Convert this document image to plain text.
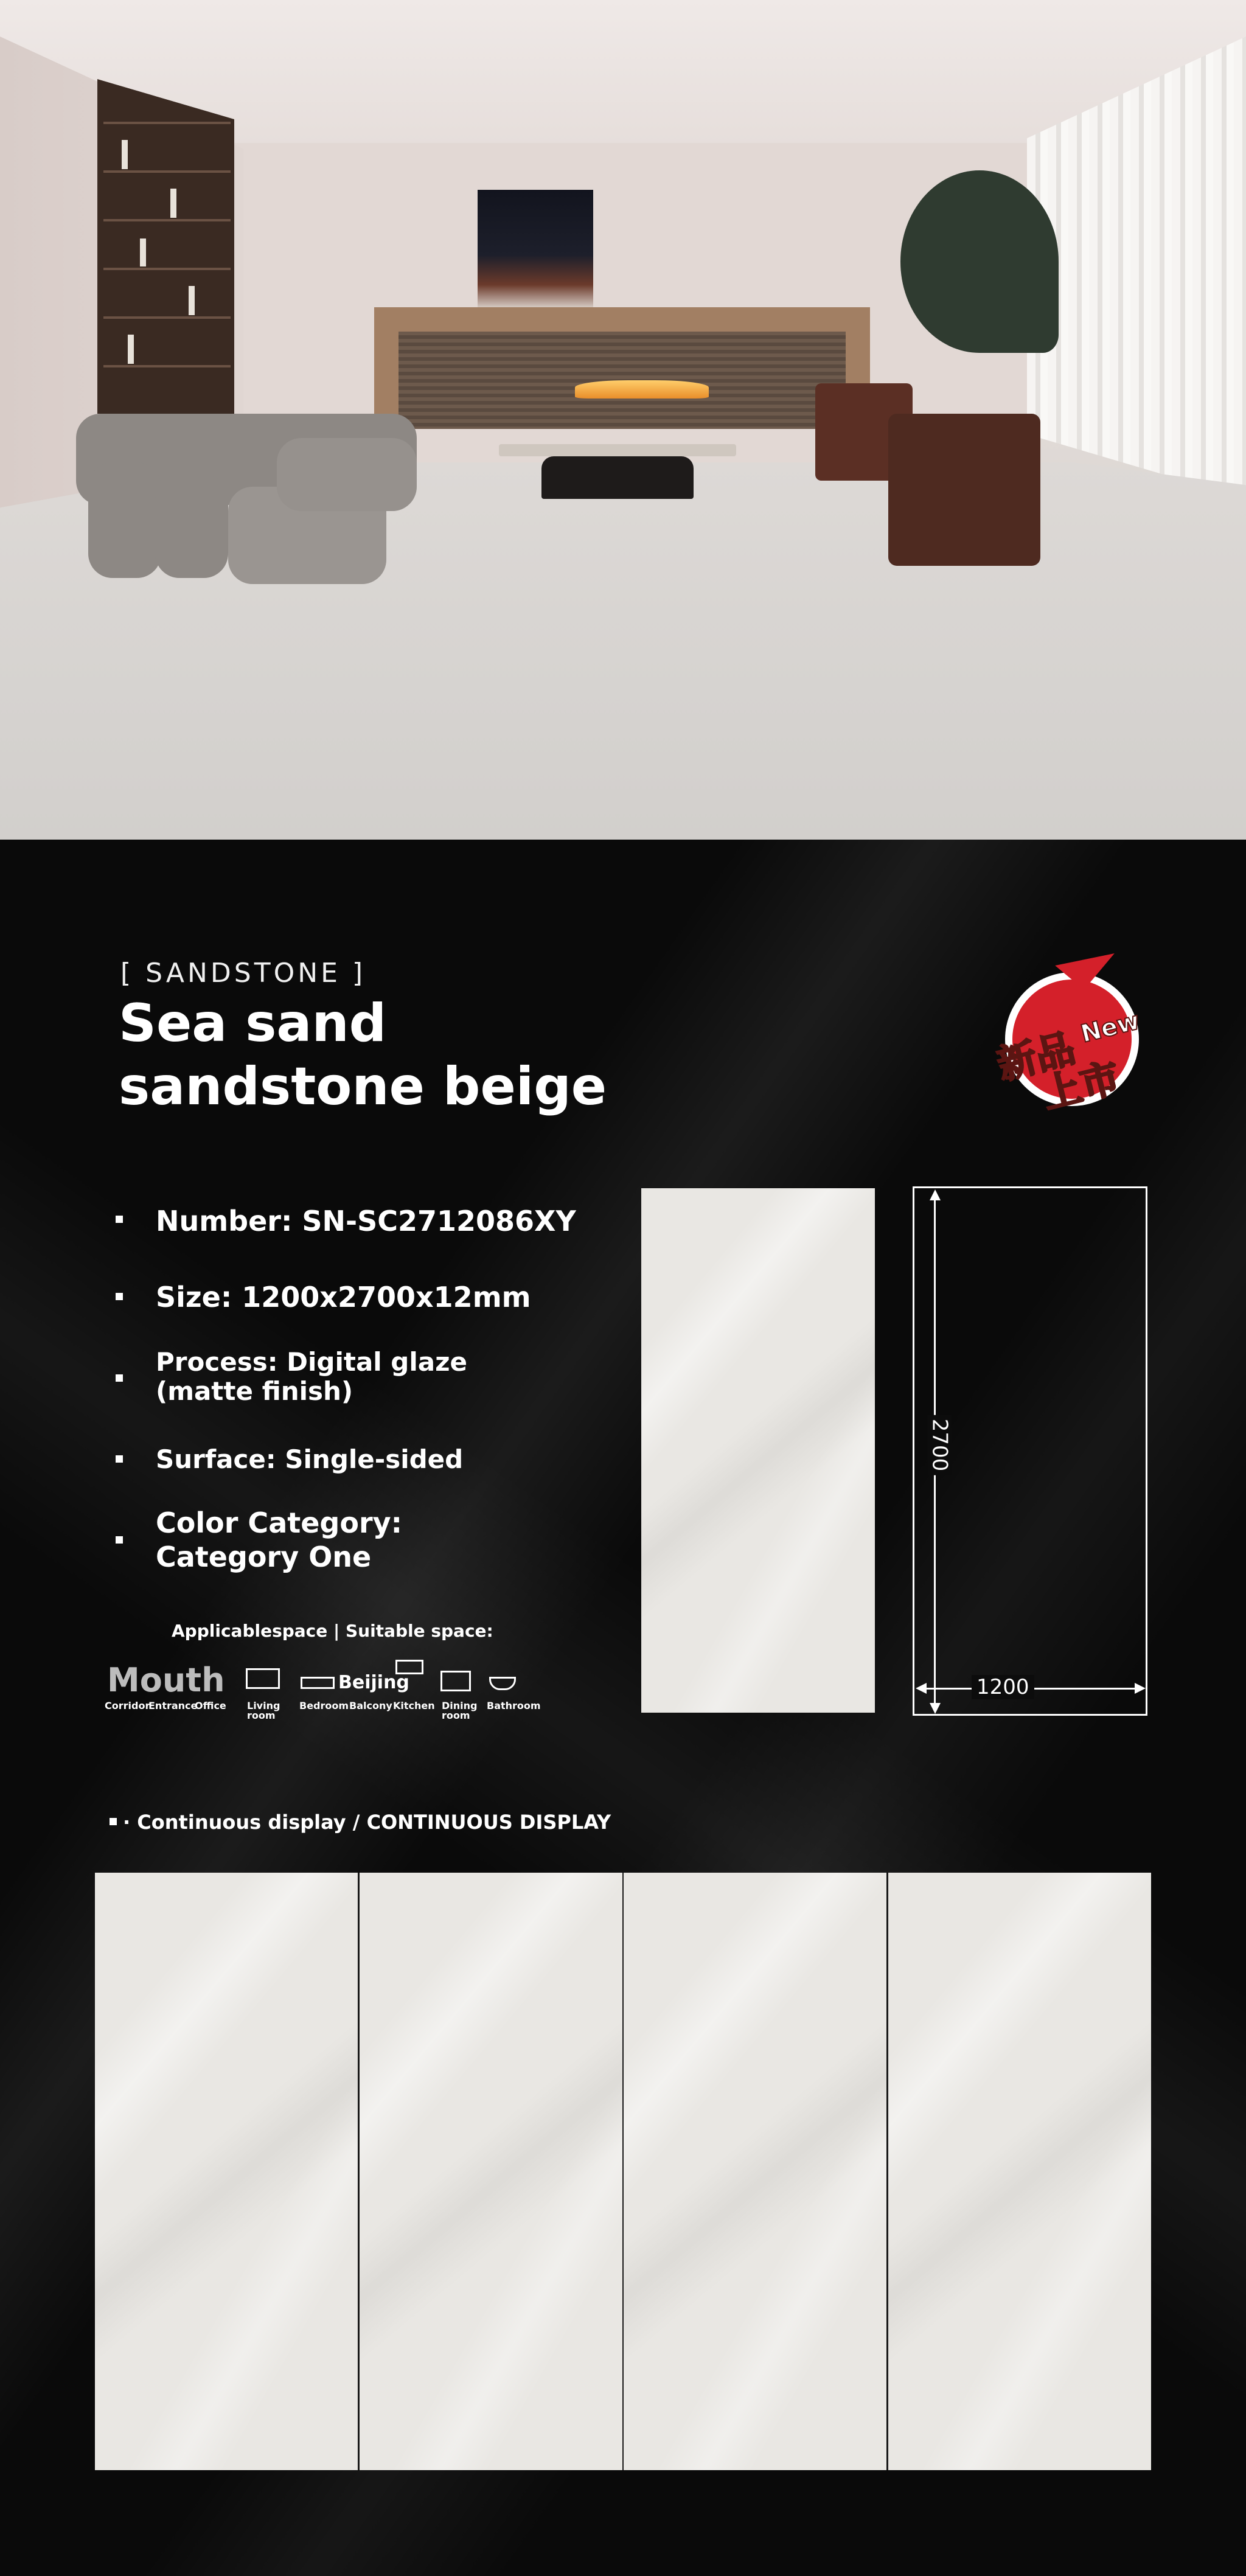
[ SANDSTONE ]
Sea sand
sandstone beige	新品
New
上市
Number: SN-SC2712086XY
Size: 1200x2700x12mm
Process: Digital glaze
(matte finish)
Surface: Single-sided
Color Category:
Category One
Applicablespace | Suitable space:
Mouth
Corridor
Entrance
Office Living
room
Beijing
Bedroom Balcony Kitchen Dining
room
Bathroom
2700
1200
· Continuous display / CONTINUOUS DISPLAY
